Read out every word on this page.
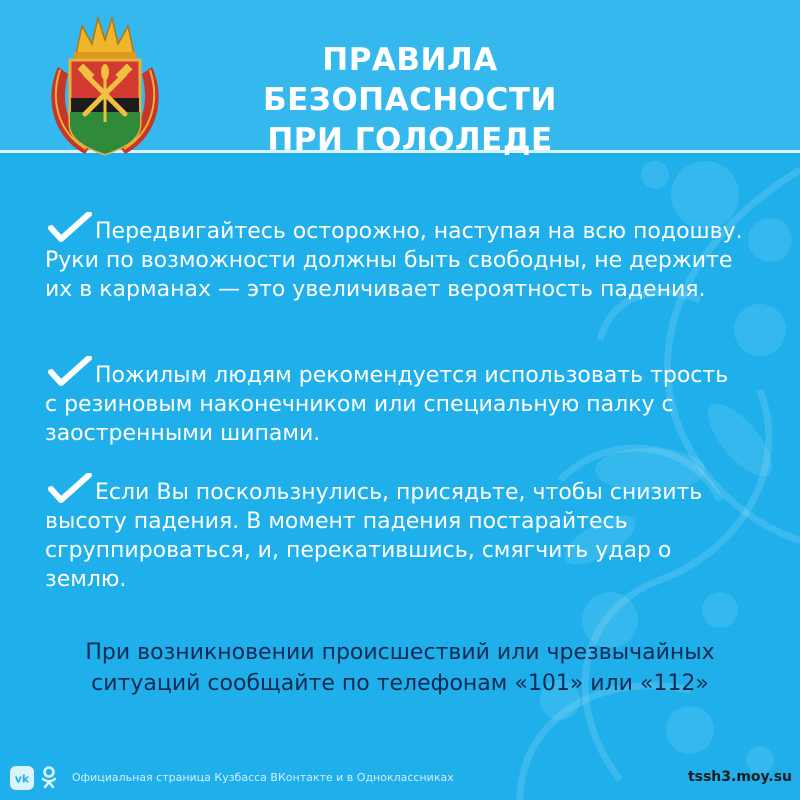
ПРАВИЛА БЕЗОПАСНОСТИ
ПРИ ГОЛОЛЕДЕ

Передвигайтесь осторожно, наступая на всю подошву. Руки по возможности должны быть свободны, не держите их в карманах — это увеличивает вероятность падения.

Пожилым людям рекомендуется использовать трость с резиновым наконечником или специальную палку с заостренными шипами.

Если Вы поскользнулись, присядьте, чтобы снизить высоту падения. В момент падения постарайтесь сгруппироваться, и, перекатившись, смягчить удар о землю.

При возникновении происшествий или чрезвычайных
ситуаций сообщайте по телефонам «101» или «112»

vk	Официальная страница Кузбасса ВКонтакте и в Одноклассниках	tssh3.moy.su
